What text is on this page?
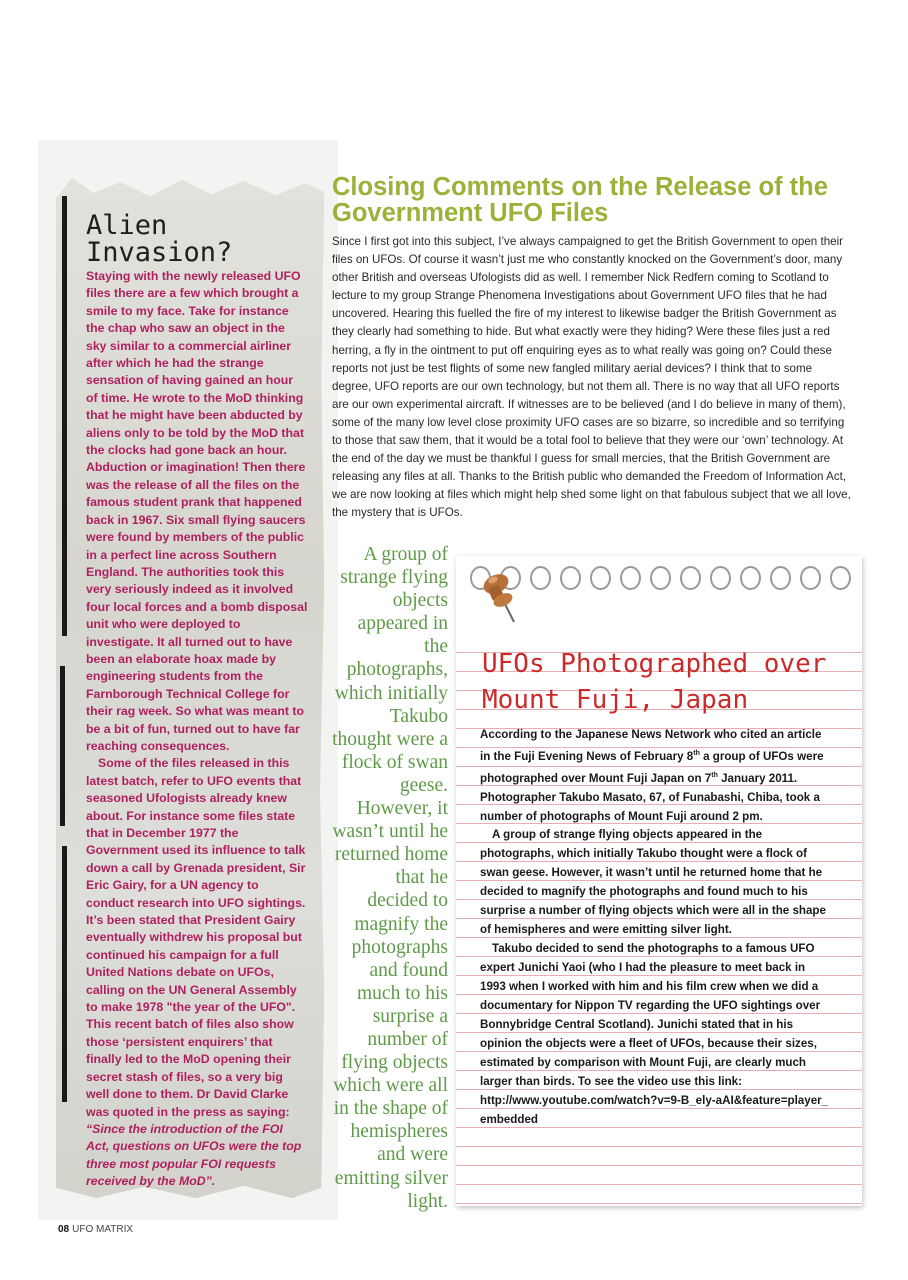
Alien
Invasion?

Staying with the newly released UFO files there are a few which brought a smile to my face. Take for instance the chap who saw an object in the sky similar to a commercial airliner after which he had the strange sensation of having gained an hour of time. He wrote to the MoD thinking that he might have been abducted by aliens only to be told by the MoD that the clocks had gone back an hour. Abduction or imagination! Then there was the release of all the files on the famous student prank that happened back in 1967. Six small flying saucers were found by members of the public in a perfect line across Southern England. The authorities took this very seriously indeed as it involved four local forces and a bomb disposal unit who were deployed to investigate. It all turned out to have been an elaborate hoax made by engineering students from the Farnborough Technical College for their rag week. So what was meant to be a bit of fun, turned out to have far reaching consequences.

Some of the files released in this latest batch, refer to UFO events that seasoned Ufologists already knew about. For instance some files state that in December 1977 the Government used its influence to talk down a call by Grenada president, Sir Eric Gairy, for a UN agency to conduct research into UFO sightings. It’s been stated that President Gairy eventually withdrew his proposal but continued his campaign for a full United Nations debate on UFOs, calling on the UN General Assembly to make 1978 "the year of the UFO". This recent batch of files also show those ‘persistent enquirers’ that finally led to the MoD opening their secret stash of files, so a very big well done to them. Dr David Clarke was quoted in the press as saying: “Since the introduction of the FOI Act, questions on UFOs were the top three most popular FOI requests received by the MoD”.

Closing Comments on the Release of the
Government UFO Files

Since I first got into this subject, I’ve always campaigned to get the British Government to open their files on UFOs. Of course it wasn’t just me who constantly knocked on the Government’s door, many other British and overseas Ufologists did as well. I remember Nick Redfern coming to Scotland to lecture to my group Strange Phenomena Investigations about Government UFO files that he had uncovered. Hearing this fuelled the fire of my interest to likewise badger the British Government as they clearly had something to hide. But what exactly were they hiding? Were these files just a red herring, a fly in the ointment to put off enquiring eyes as to what really was going on? Could these reports not just be test flights of some new fangled military aerial devices? I think that to some degree, UFO reports are our own technology, but not them all. There is no way that all UFO reports are our own experimental aircraft. If witnesses are to be believed (and I do believe in many of them), some of the many low level close proximity UFO cases are so bizarre, so incredible and so terrifying to those that saw them, that it would be a total fool to believe that they were our ‘own’ technology. At the end of the day we must be thankful I guess for small mercies, that the British Government are releasing any files at all. Thanks to the British public who demanded the Freedom of Information Act, we are now looking at files which might help shed some light on that fabulous subject that we all love, the mystery that is UFOs.

A group of strange flying objects appeared in the photographs, which initially Takubo thought were a flock of swan geese. However, it wasn’t until he returned home that he decided to magnify the photographs and found much to his surprise a number of flying objects which were all in the shape of hemispheres and were emitting silver light.

UFOs Photographed over
Mount Fuji, Japan

According to the Japanese News Network who cited an article in the Fuji Evening News of February 8th a group of UFOs were photographed over Mount Fuji Japan on 7th January 2011. Photographer Takubo Masato, 67, of Funabashi, Chiba, took a number of photographs of Mount Fuji around 2 pm.

A group of strange flying objects appeared in the photographs, which initially Takubo thought were a flock of swan geese. However, it wasn’t until he returned home that he decided to magnify the photographs and found much to his surprise a number of flying objects which were all in the shape of hemispheres and were emitting silver light.

Takubo decided to send the photographs to a famous UFO expert Junichi Yaoi (who I had the pleasure to meet back in 1993 when I worked with him and his film crew when we did a documentary for Nippon TV regarding the UFO sightings over Bonnybridge Central Scotland). Junichi stated that in his opinion the objects were a fleet of UFOs, because their sizes, estimated by comparison with Mount Fuji, are clearly much larger than birds. To see the video use this link:

http://www.youtube.com/watch?v=9-B_ely-aAI&feature=player_embedded

08 UFO MATRIX
